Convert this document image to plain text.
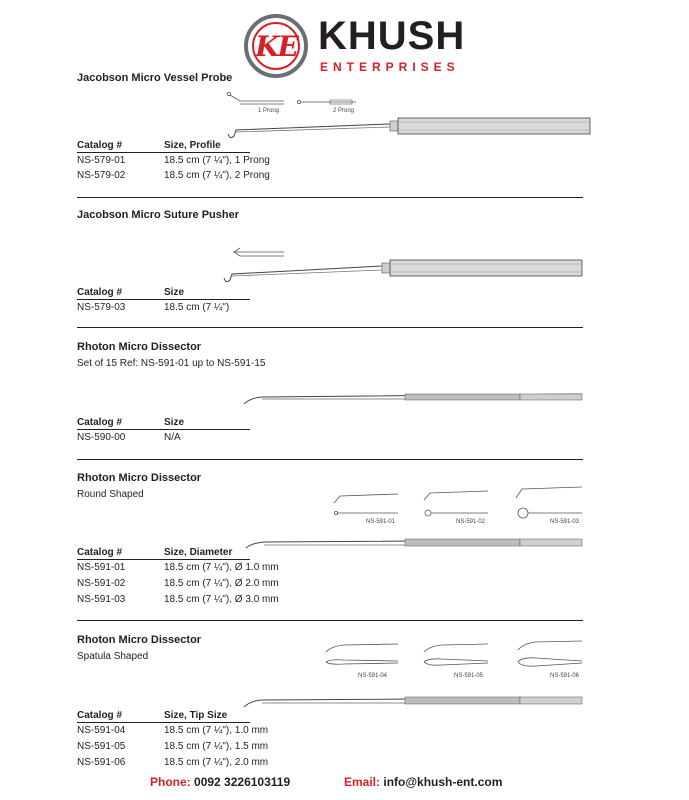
KE KHUSH
ENTERPRISES
Jacobson Micro Vessel Probe
1 Prong	2 Prong
Catalog #	Size, Profile
NS-579-01	18.5 cm (7 ¼"), 1 Prong
NS-579-02	18.5 cm (7 ¼"), 2 Prong
Jacobson Micro Suture Pusher
Catalog #	Size
NS-579-03	18.5 cm (7 ¼")
Rhoton Micro Dissector
Set of 15 Ref: NS-591-01 up to NS-591-15
Catalog #	Size
NS-590-00	N/A
Rhoton Micro Dissector
Round Shaped
NS-591-01	NS-591-02	NS-591-03
Catalog #	Size, Diameter
NS-591-01	18.5 cm (7 ¼"), Ø 1.0 mm
NS-591-02	18.5 cm (7 ¼"), Ø 2.0 mm
NS-591-03	18.5 cm (7 ¼"), Ø 3.0 mm
Rhoton Micro Dissector
Spatula Shaped
NS-591-04	NS-591-05	NS-591-06
Catalog #	Size, Tip Size
NS-591-04	18.5 cm (7 ¼"), 1.0 mm
NS-591-05	18.5 cm (7 ¼"), 1.5 mm
NS-591-06	18.5 cm (7 ¼"), 2.0 mm
Phone: 0092 3226103119	Email: info@khush-ent.com
